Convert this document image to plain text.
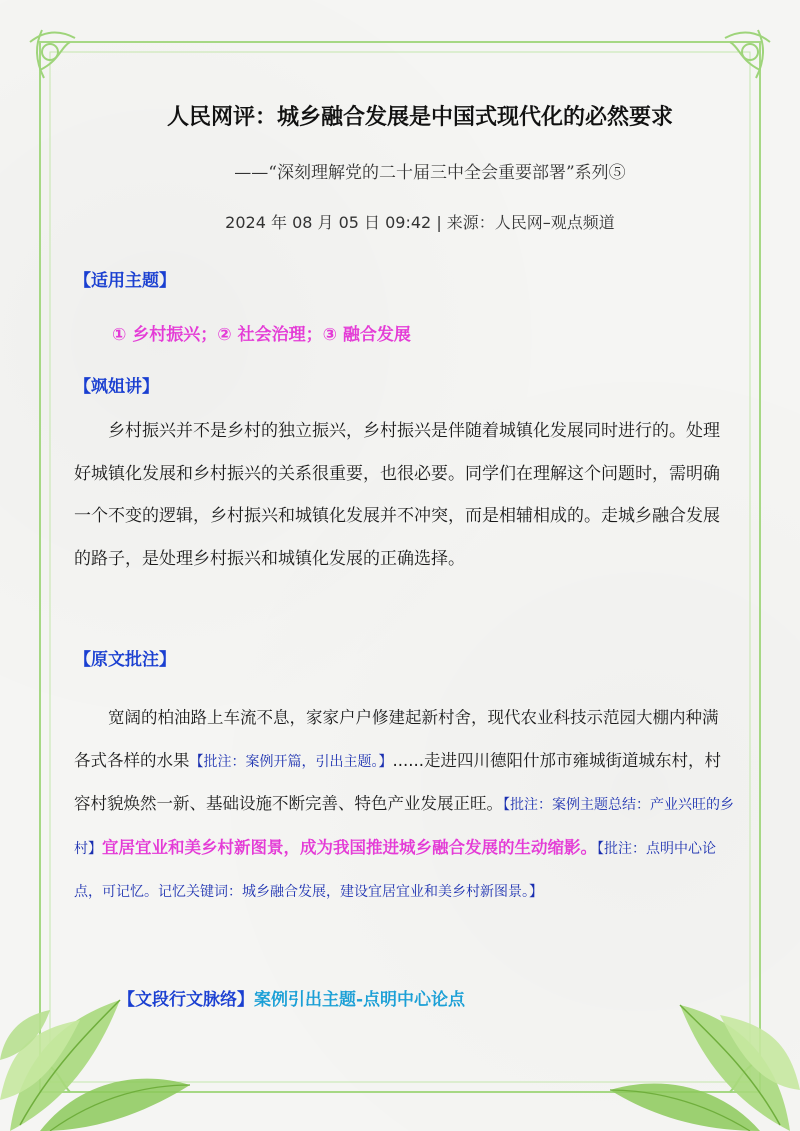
人民网评：城乡融合发展是中国式现代化的必然要求
——“深刻理解党的二十届三中全会重要部署”系列⑤
2024 年 08 月 05 日 09:42 | 来源：人民网–观点频道
【适用主题】
① 乡村振兴；② 社会治理；③ 融合发展
【飒姐讲】
乡村振兴并不是乡村的独立振兴，乡村振兴是伴随着城镇化发展同时进行的。处理好城镇化发展和乡村振兴的关系很重要，也很必要。同学们在理解这个问题时，需明确一个不变的逻辑，乡村振兴和城镇化发展并不冲突，而是相辅相成的。走城乡融合发展的路子，是处理乡村振兴和城镇化发展的正确选择。
【原文批注】
宽阔的柏油路上车流不息，家家户户修建起新村舍，现代农业科技示范园大棚内种满各式各样的水果【批注：案例开篇，引出主题。】......走进四川德阳什邡市雍城街道城东村，村容村貌焕然一新、基础设施不断完善、特色产业发展正旺。【批注：案例主题总结：产业兴旺的乡村】宜居宜业和美乡村新图景，成为我国推进城乡融合发展的生动缩影。【批注：点明中心论点，可记忆。记忆关键词：城乡融合发展，建设宜居宜业和美乡村新图景。】
【文段行文脉络】案例引出主题-点明中心论点
